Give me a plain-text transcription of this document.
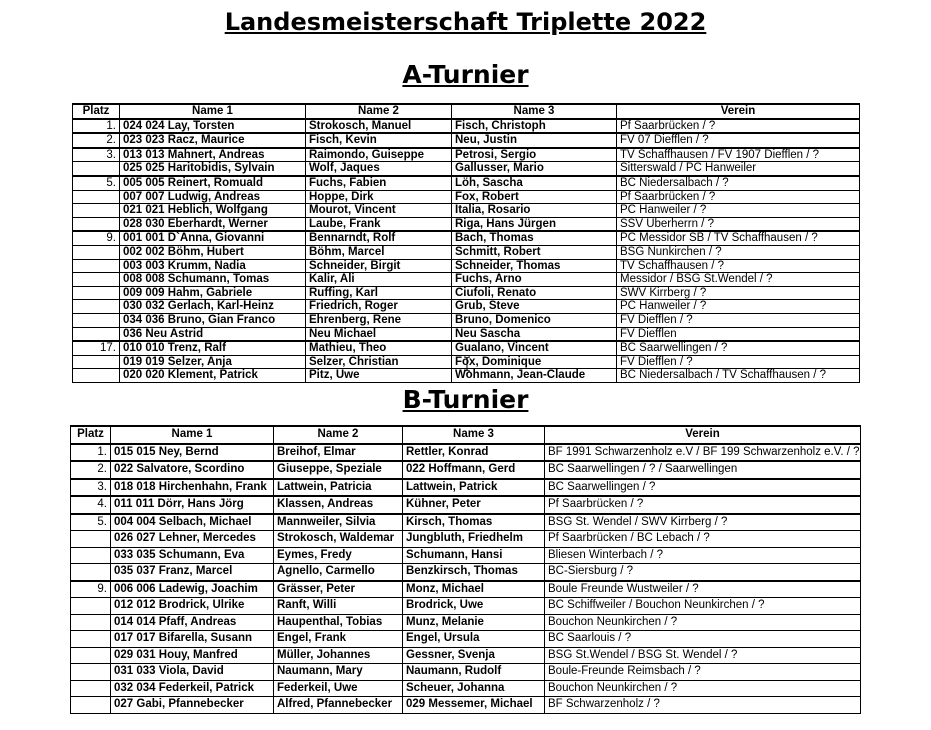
Landesmeisterschaft Triplette 2022
A-Turnier
Platz	Name 1	Name 2	Name 3	Verein
1.	024 024 Lay, Torsten	Strokosch, Manuel	Fisch, Christoph	Pf Saarbrücken / ?
2.	023 023 Racz, Maurice	Fisch, Kevin	Neu, Justin	FV 07 Diefflen / ?
3.	013 013 Mahnert, Andreas	Raimondo, Guiseppe	Petrosi, Sergio	TV Schaffhausen / FV 1907 Diefflen / ?
	025 025 Haritobidis, Sylvain	Wolf, Jaques	Gallusser, Mario	Sitterswald / PC Hanweiler
5.	005 005 Reinert, Romuald	Fuchs, Fabien	Löh, Sascha	BC Niedersalbach / ?
	007 007 Ludwig, Andreas	Hoppe, Dirk	Fox, Robert	Pf Saarbrücken / ?
	021 021 Heblich, Wolfgang	Mourot, Vincent	Italia, Rosario	PC Hanweiler / ?
	028 030 Eberhardt, Werner	Laube, Frank	Riga, Hans Jürgen	SSV Überherrn / ?
9.	001 001 D`Anna, Giovanni	Bennarndt, Rolf	Bach, Thomas	PC Messidor SB / TV Schaffhausen / ?
	002 002 Böhm, Hubert	Böhm, Marcel	Schmitt, Robert	BSG Nunkirchen / ?
	003 003 Krumm, Nadia	Schneider, Birgit	Schneider, Thomas	TV Schaffhausen / ?
	008 008 Schumann, Tomas	Kalir, Ali	Fuchs, Arno	Messidor / BSG St.Wendel / ?
	009 009 Hahm, Gabriele	Ruffing, Karl	Ciufoli, Renato	SWV Kirrberg / ?
	030 032 Gerlach, Karl-Heinz	Friedrich, Roger	Grub, Steve	PC Hanweiler / ?
	034 036 Bruno, Gian Franco	Ehrenberg, Rene	Bruno, Domenico	FV Diefflen / ?
	036 Neu Astrid	Neu Michael	Neu Sascha	FV Diefflen
17.	010 010 Trenz, Ralf	Mathieu, Theo	Gualano, Vincent	BC Saarwellingen / ?
	019 019 Selzer, Anja	Selzer, Christian	Fox, Dominique	FV Diefflen / ?
	020 020 Klement, Patrick	Pitz, Uwe	Wohmann, Jean-Claude	BC Niedersalbach / TV Schaffhausen / ?
B-Turnier
Platz	Name 1	Name 2	Name 3	Verein
1.	015 015 Ney, Bernd	Breihof, Elmar	Rettler, Konrad	BF 1991 Schwarzenholz e.V / BF 199 Schwarzenholz e.V. / ?
2.	022 Salvatore, Scordino	Giuseppe, Speziale	022 Hoffmann, Gerd	BC Saarwellingen / ? / Saarwellingen
3.	018 018 Hirchenhahn, Frank	Lattwein, Patricia	Lattwein, Patrick	BC Saarwellingen / ?
4.	011 011 Dörr, Hans Jörg	Klassen, Andreas	Kühner, Peter	Pf Saarbrücken / ?
5.	004 004 Selbach, Michael	Mannweiler, Silvia	Kirsch, Thomas	BSG St. Wendel / SWV Kirrberg / ?
	026 027 Lehner, Mercedes	Strokosch, Waldemar	Jungbluth, Friedhelm	Pf Saarbrücken / BC Lebach / ?
	033 035 Schumann, Eva	Eymes, Fredy	Schumann, Hansi	Bliesen Winterbach / ?
	035 037 Franz, Marcel	Agnello, Carmello	Benzkirsch, Thomas	BC-Siersburg / ?
9.	006 006 Ladewig, Joachim	Grässer, Peter	Monz, Michael	Boule Freunde Wustweiler / ?
	012 012 Brodrick, Ulrike	Ranft, Willi	Brodrick, Uwe	BC Schiffweiler / Bouchon Neunkirchen / ?
	014 014 Pfaff, Andreas	Haupenthal, Tobias	Munz, Melanie	Bouchon Neunkirchen / ?
	017 017 Bifarella, Susann	Engel, Frank	Engel, Ursula	BC Saarlouis / ?
	029 031 Houy, Manfred	Müller, Johannes	Gessner, Svenja	BSG St.Wendel / BSG St. Wendel / ?
	031 033 Viola, David	Naumann, Mary	Naumann, Rudolf	Boule-Freunde Reimsbach / ?
	032 034 Federkeil, Patrick	Federkeil, Uwe	Scheuer, Johanna	Bouchon Neunkirchen / ?
	027 Gabi, Pfannebecker	Alfred, Pfannebecker	029 Messemer, Michael	BF Schwarzenholz / ?
